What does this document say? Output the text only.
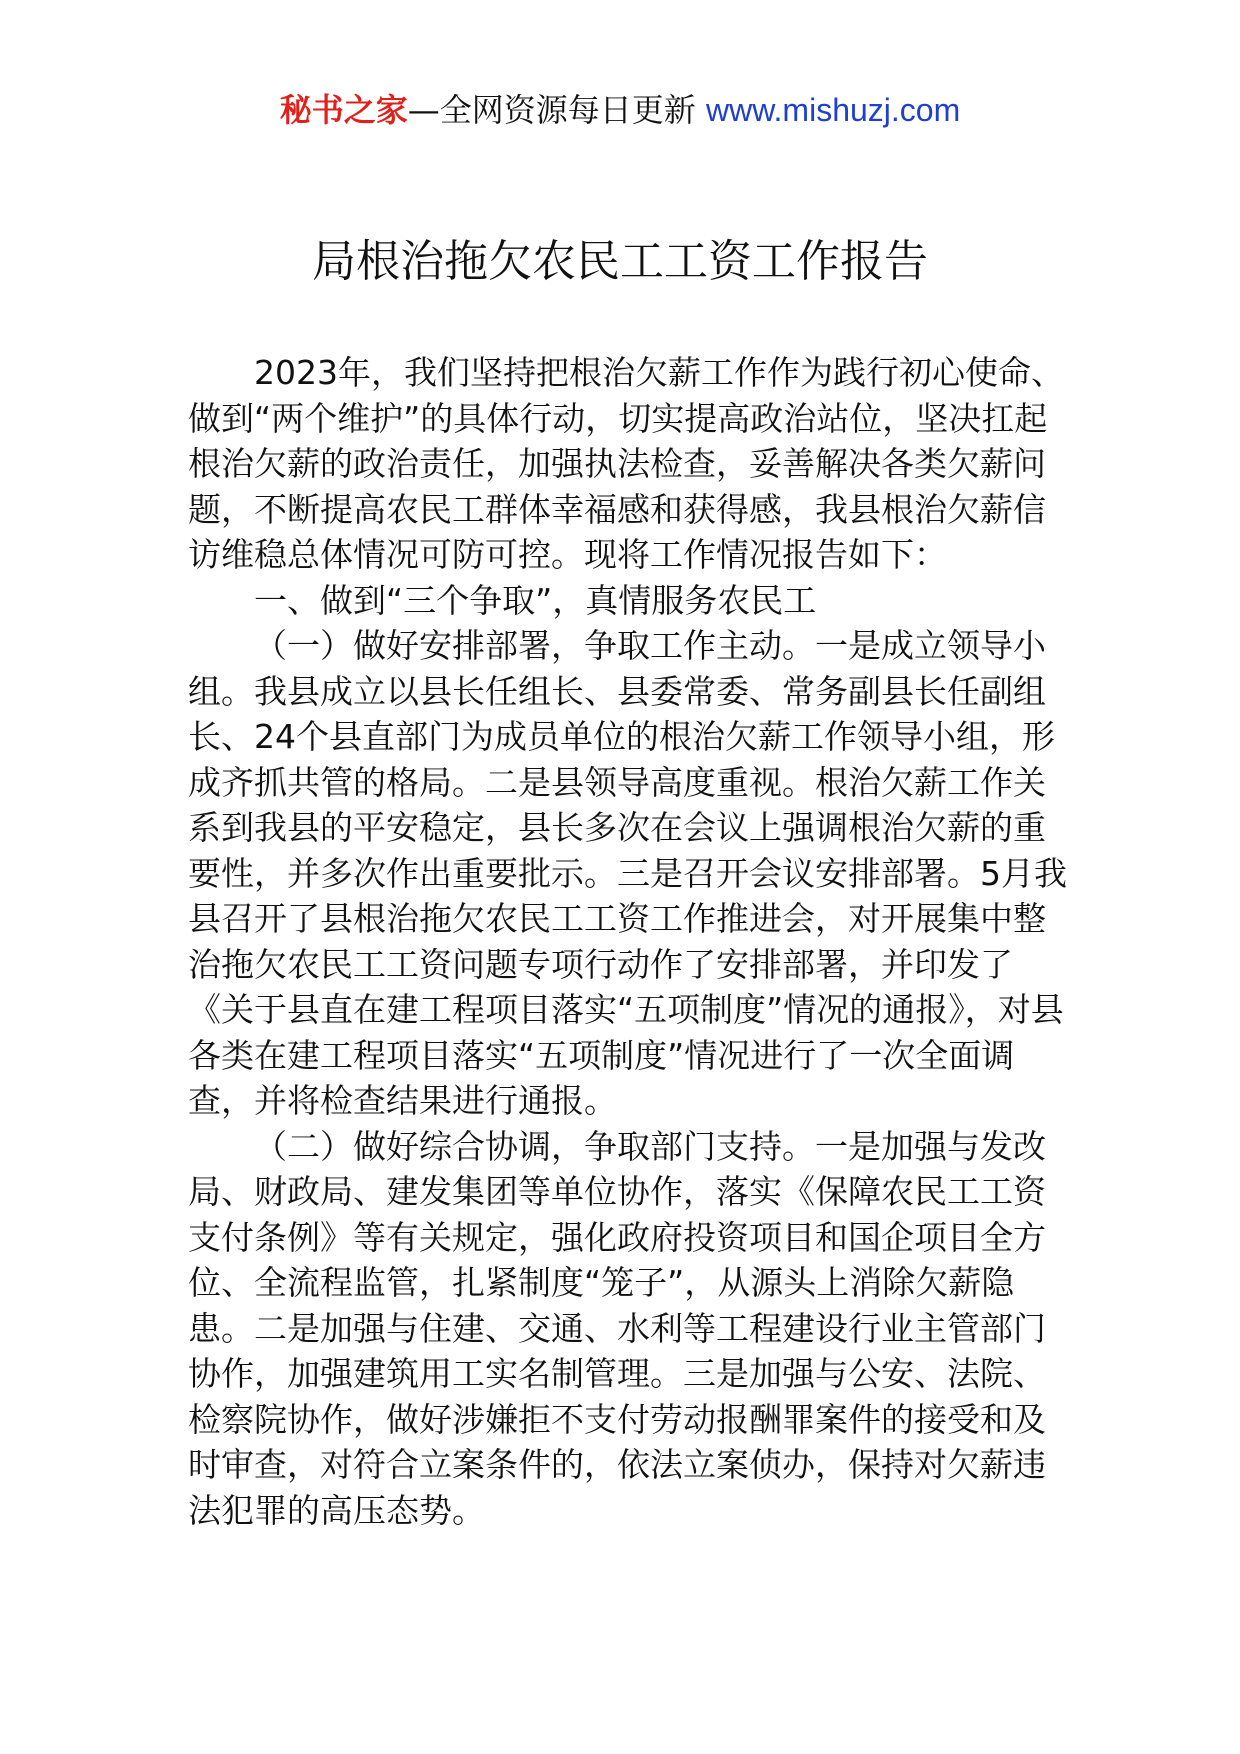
秘书之家—全网资源每日更新 www.mishuzj.com
局根治拖欠农民工工资工作报告

2023年，我们坚持把根治欠薪工作作为践行初心使命、做到“两个维护”的具体行动，切实提高政治站位，坚决扛起根治欠薪的政治责任，加强执法检查，妥善解决各类欠薪问题，不断提高农民工群体幸福感和获得感，我县根治欠薪信访维稳总体情况可防可控。现将工作情况报告如下：

一、做到“三个争取”，真情服务农民工

（一）做好安排部署，争取工作主动。一是成立领导小组。我县成立以县长任组长、县委常委、常务副县长任副组长、24个县直部门为成员单位的根治欠薪工作领导小组，形成齐抓共管的格局。二是县领导高度重视。根治欠薪工作关系到我县的平安稳定，县长多次在会议上强调根治欠薪的重要性，并多次作出重要批示。三是召开会议安排部署。5月我县召开了县根治拖欠农民工工资工作推进会，对开展集中整治拖欠农民工工资问题专项行动作了安排部署，并印发了《关于县直在建工程项目落实“五项制度”情况的通报》，对县各类在建工程项目落实“五项制度”情况进行了一次全面调查，并将检查结果进行通报。

（二）做好综合协调，争取部门支持。一是加强与发改局、财政局、建发集团等单位协作，落实《保障农民工工资支付条例》等有关规定，强化政府投资项目和国企项目全方位、全流程监管，扎紧制度“笼子”，从源头上消除欠薪隐患。二是加强与住建、交通、水利等工程建设行业主管部门协作，加强建筑用工实名制管理。三是加强与公安、法院、检察院协作，做好涉嫌拒不支付劳动报酬罪案件的接受和及时审查，对符合立案条件的，依法立案侦办，保持对欠薪违法犯罪的高压态势。
